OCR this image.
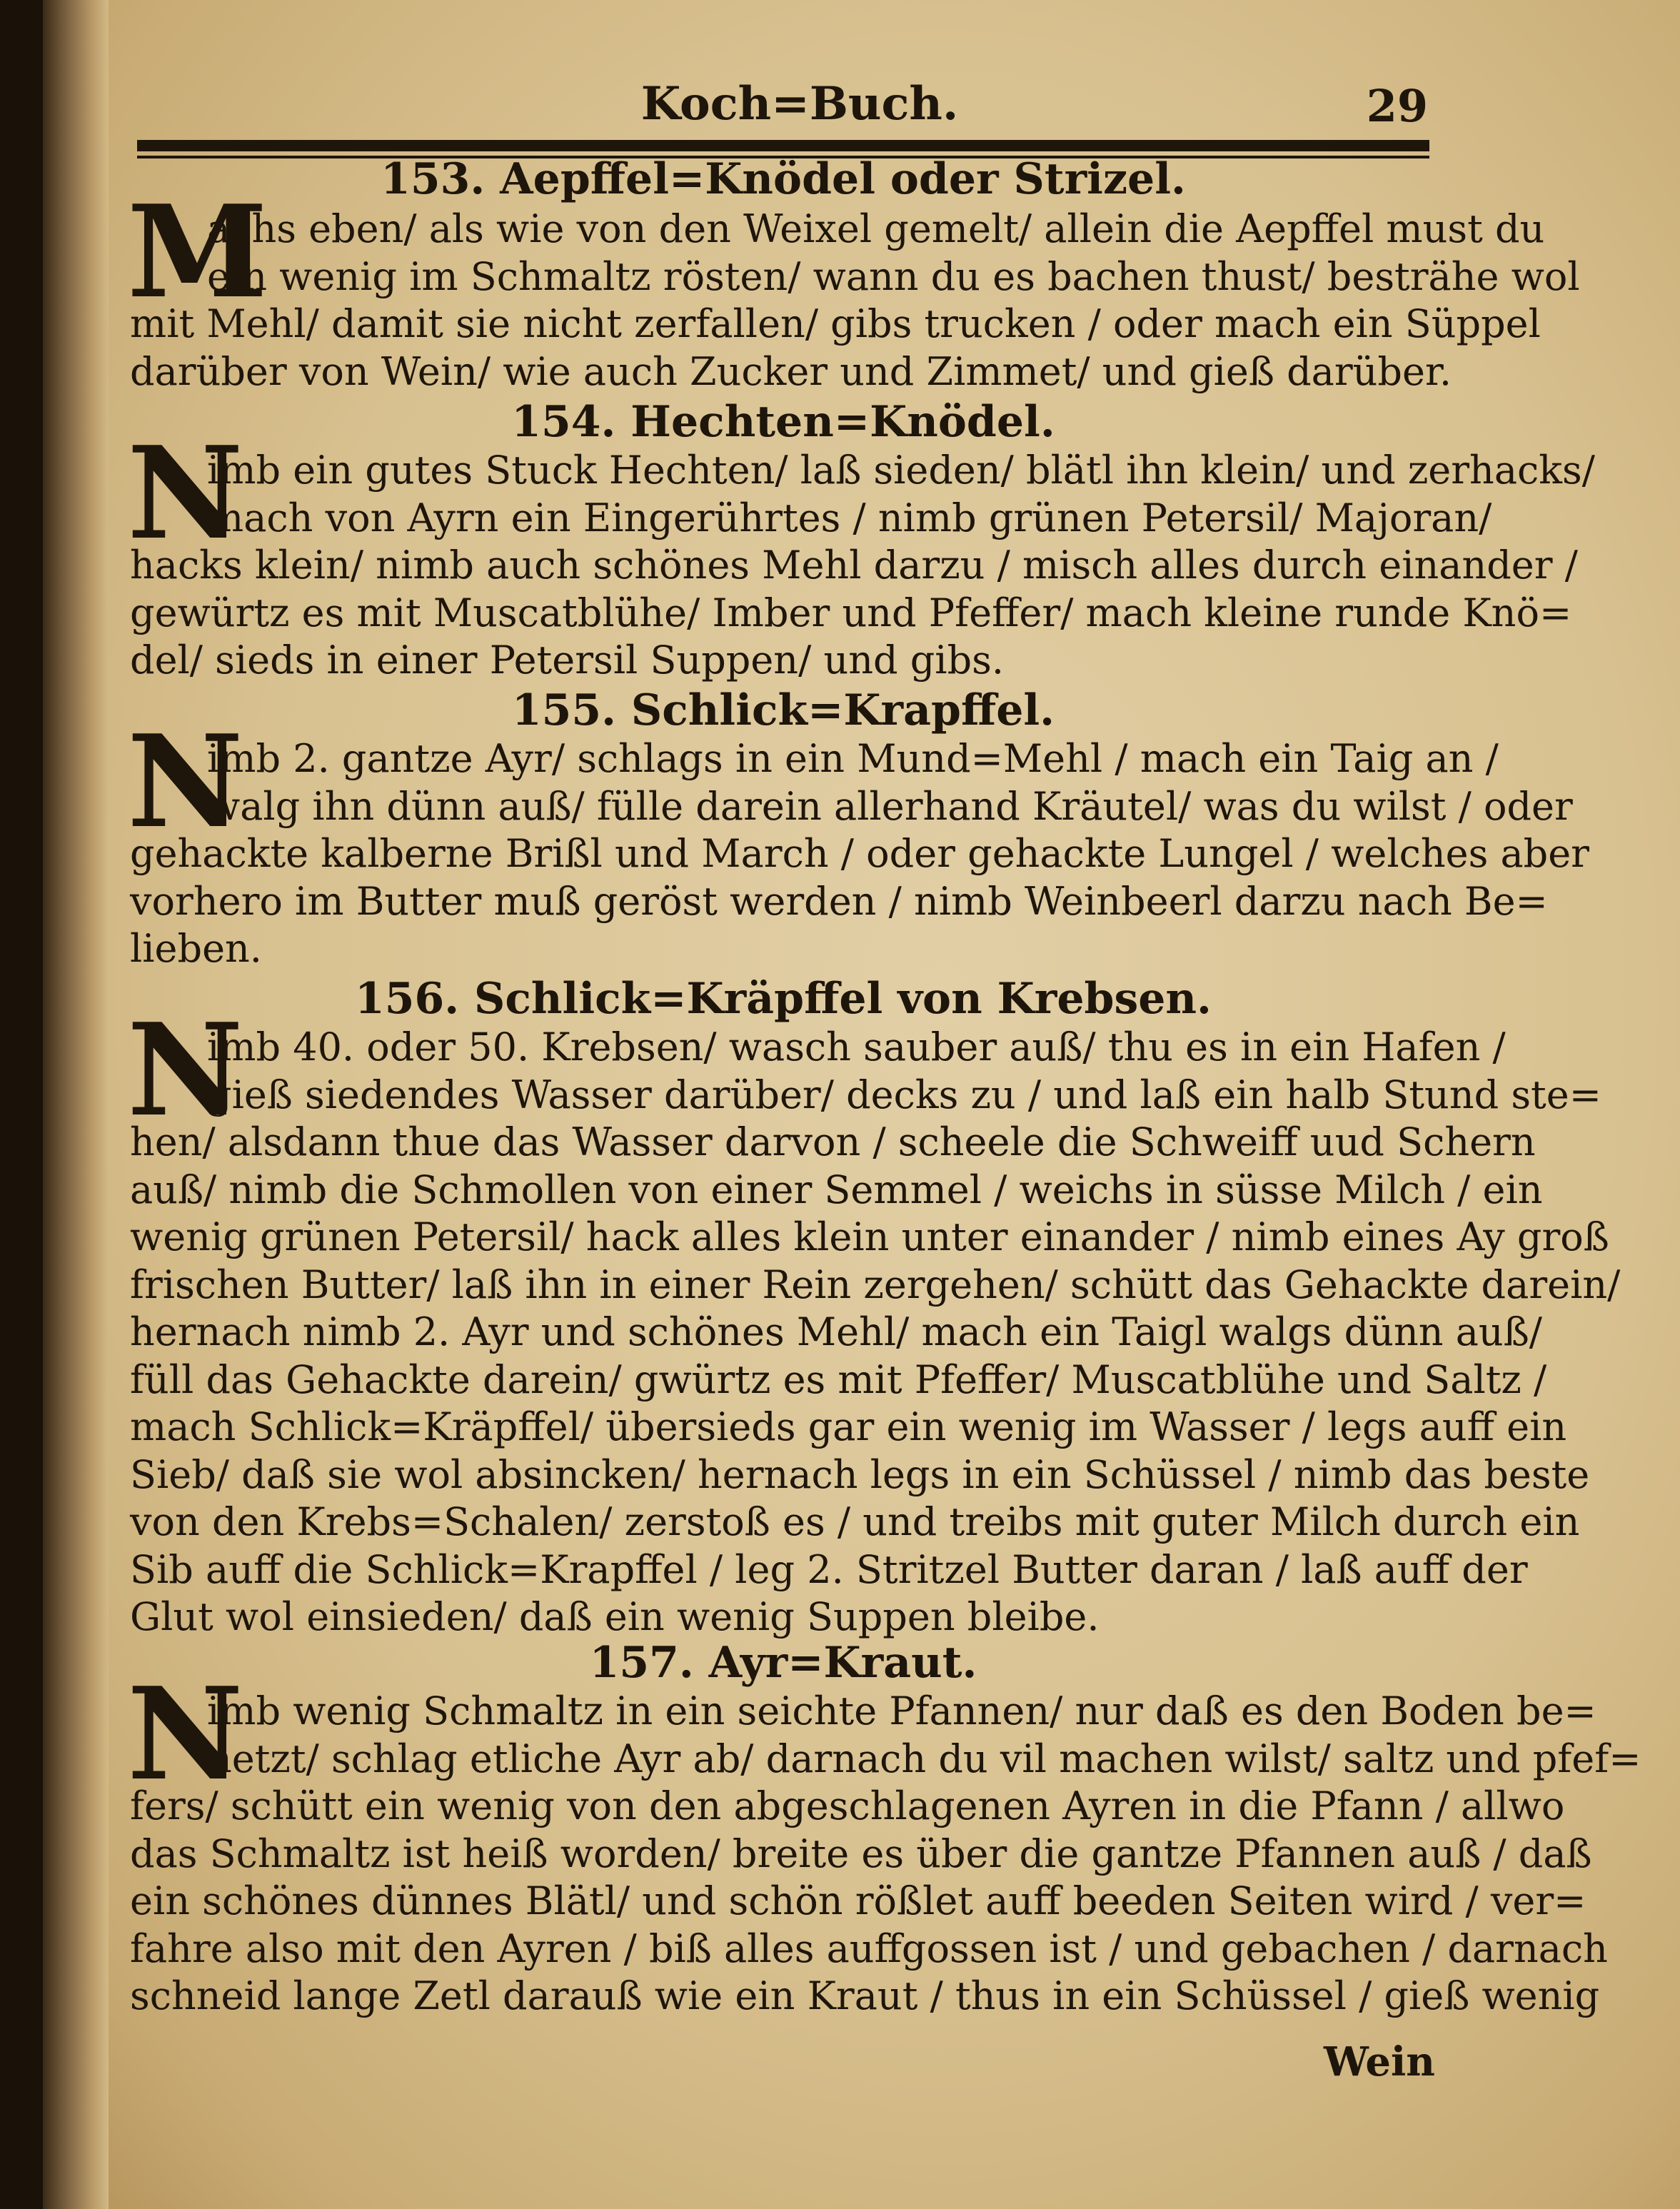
Koch=Buch.	29
153. Aepffel=Knödel oder Strizel.
M
achs eben/ als wie von den Weixel gemelt/ allein die Aepffel must du
ein wenig im Schmaltz rösten/ wann du es bachen thust/ besträhe wol
mit Mehl/ damit sie nicht zerfallen/ gibs trucken / oder mach ein Süppel
darüber von Wein/ wie auch Zucker und Zimmet/ und gieß darüber.
154. Hechten=Knödel.
N
imb ein gutes Stuck Hechten/ laß sieden/ blätl ihn klein/ und zerhacks/
mach von Ayrn ein Eingerührtes / nimb grünen Petersil/ Majoran/
hacks klein/ nimb auch schönes Mehl darzu / misch alles durch einander /
gewürtz es mit Muscatblühe/ Imber und Pfeffer/ mach kleine runde Knö=
del/ sieds in einer Petersil Suppen/ und gibs.
155. Schlick=Krapffel.
N
imb 2. gantze Ayr/ schlags in ein Mund=Mehl / mach ein Taig an /
walg ihn dünn auß/ fülle darein allerhand Kräutel/ was du wilst / oder
gehackte kalberne Brißl und March / oder gehackte Lungel / welches aber
vorhero im Butter muß geröst werden / nimb Weinbeerl darzu nach Be=
lieben.
156. Schlick=Kräpffel von Krebsen.
N
imb 40. oder 50. Krebsen/ wasch sauber auß/ thu es in ein Hafen /
gieß siedendes Wasser darüber/ decks zu / und laß ein halb Stund ste=
hen/ alsdann thue das Wasser darvon / scheele die Schweiff uud Schern
auß/ nimb die Schmollen von einer Semmel / weichs in süsse Milch / ein
wenig grünen Petersil/ hack alles klein unter einander / nimb eines Ay groß
frischen Butter/ laß ihn in einer Rein zergehen/ schütt das Gehackte darein/
hernach nimb 2. Ayr und schönes Mehl/ mach ein Taigl walgs dünn auß/
füll das Gehackte darein/ gwürtz es mit Pfeffer/ Muscatblühe und Saltz /
mach Schlick=Kräpffel/ übersieds gar ein wenig im Wasser / legs auff ein
Sieb/ daß sie wol absincken/ hernach legs in ein Schüssel / nimb das beste
von den Krebs=Schalen/ zerstoß es / und treibs mit guter Milch durch ein
Sib auff die Schlick=Krapffel / leg 2. Stritzel Butter daran / laß auff der
Glut wol einsieden/ daß ein wenig Suppen bleibe.
157. Ayr=Kraut.
N
imb wenig Schmaltz in ein seichte Pfannen/ nur daß es den Boden be=
netzt/ schlag etliche Ayr ab/ darnach du vil machen wilst/ saltz und pfef=
fers/ schütt ein wenig von den abgeschlagenen Ayren in die Pfann / allwo
das Schmaltz ist heiß worden/ breite es über die gantze Pfannen auß / daß
ein schönes dünnes Blätl/ und schön rößlet auff beeden Seiten wird / ver=
fahre also mit den Ayren / biß alles auffgossen ist / und gebachen / darnach
schneid lange Zetl darauß wie ein Kraut / thus in ein Schüssel / gieß wenig
Wein
